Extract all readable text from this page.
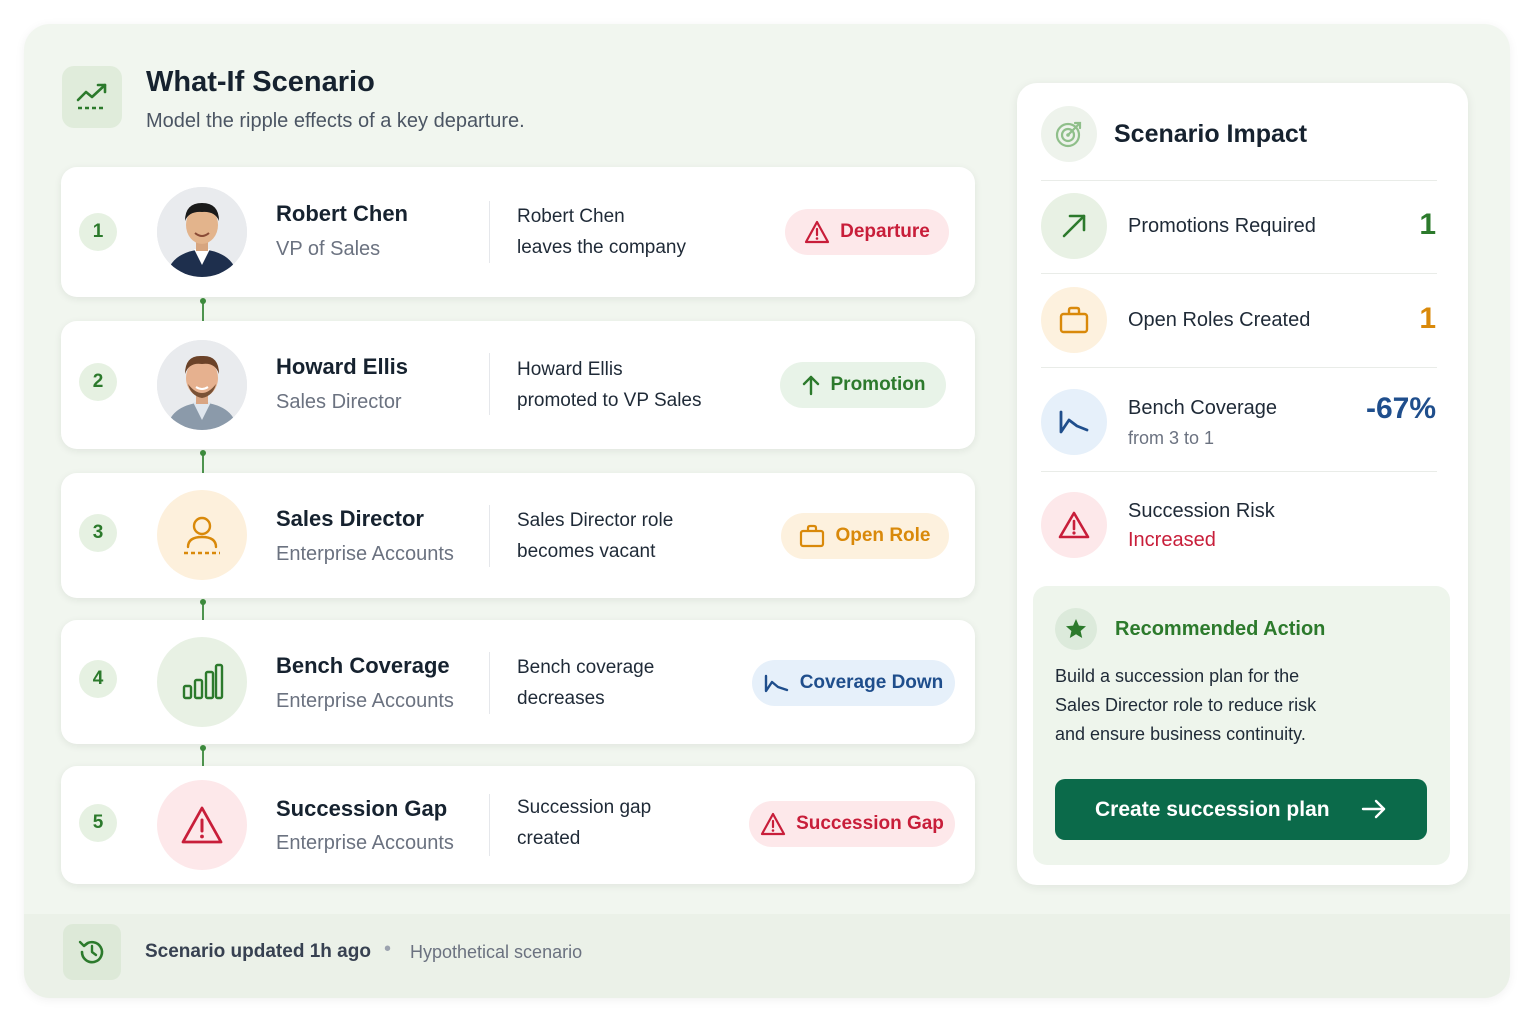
What-If Scenario
Model the ripple effects of a key departure.
1
Robert Chen
VP of Sales
Robert Chen
leaves the company
Departure
2
Howard Ellis
Sales Director
Howard Ellis
promoted to VP Sales
Promotion
3
Sales Director
Enterprise Accounts
Sales Director role
becomes vacant
Open Role
4
Bench Coverage
Enterprise Accounts
Bench coverage
decreases
Coverage Down
5
Succession Gap
Enterprise Accounts
Succession gap
created
Succession Gap
Scenario Impact
Promotions Required	1
Open Roles Created	1
Bench Coverage
from 3 to 1
-67%
Succession Risk
Increased
Recommended Action
Build a succession plan for the
Sales Director role to reduce risk
and ensure business continuity.
Create succession plan
Scenario updated 1h ago • Hypothetical scenario
